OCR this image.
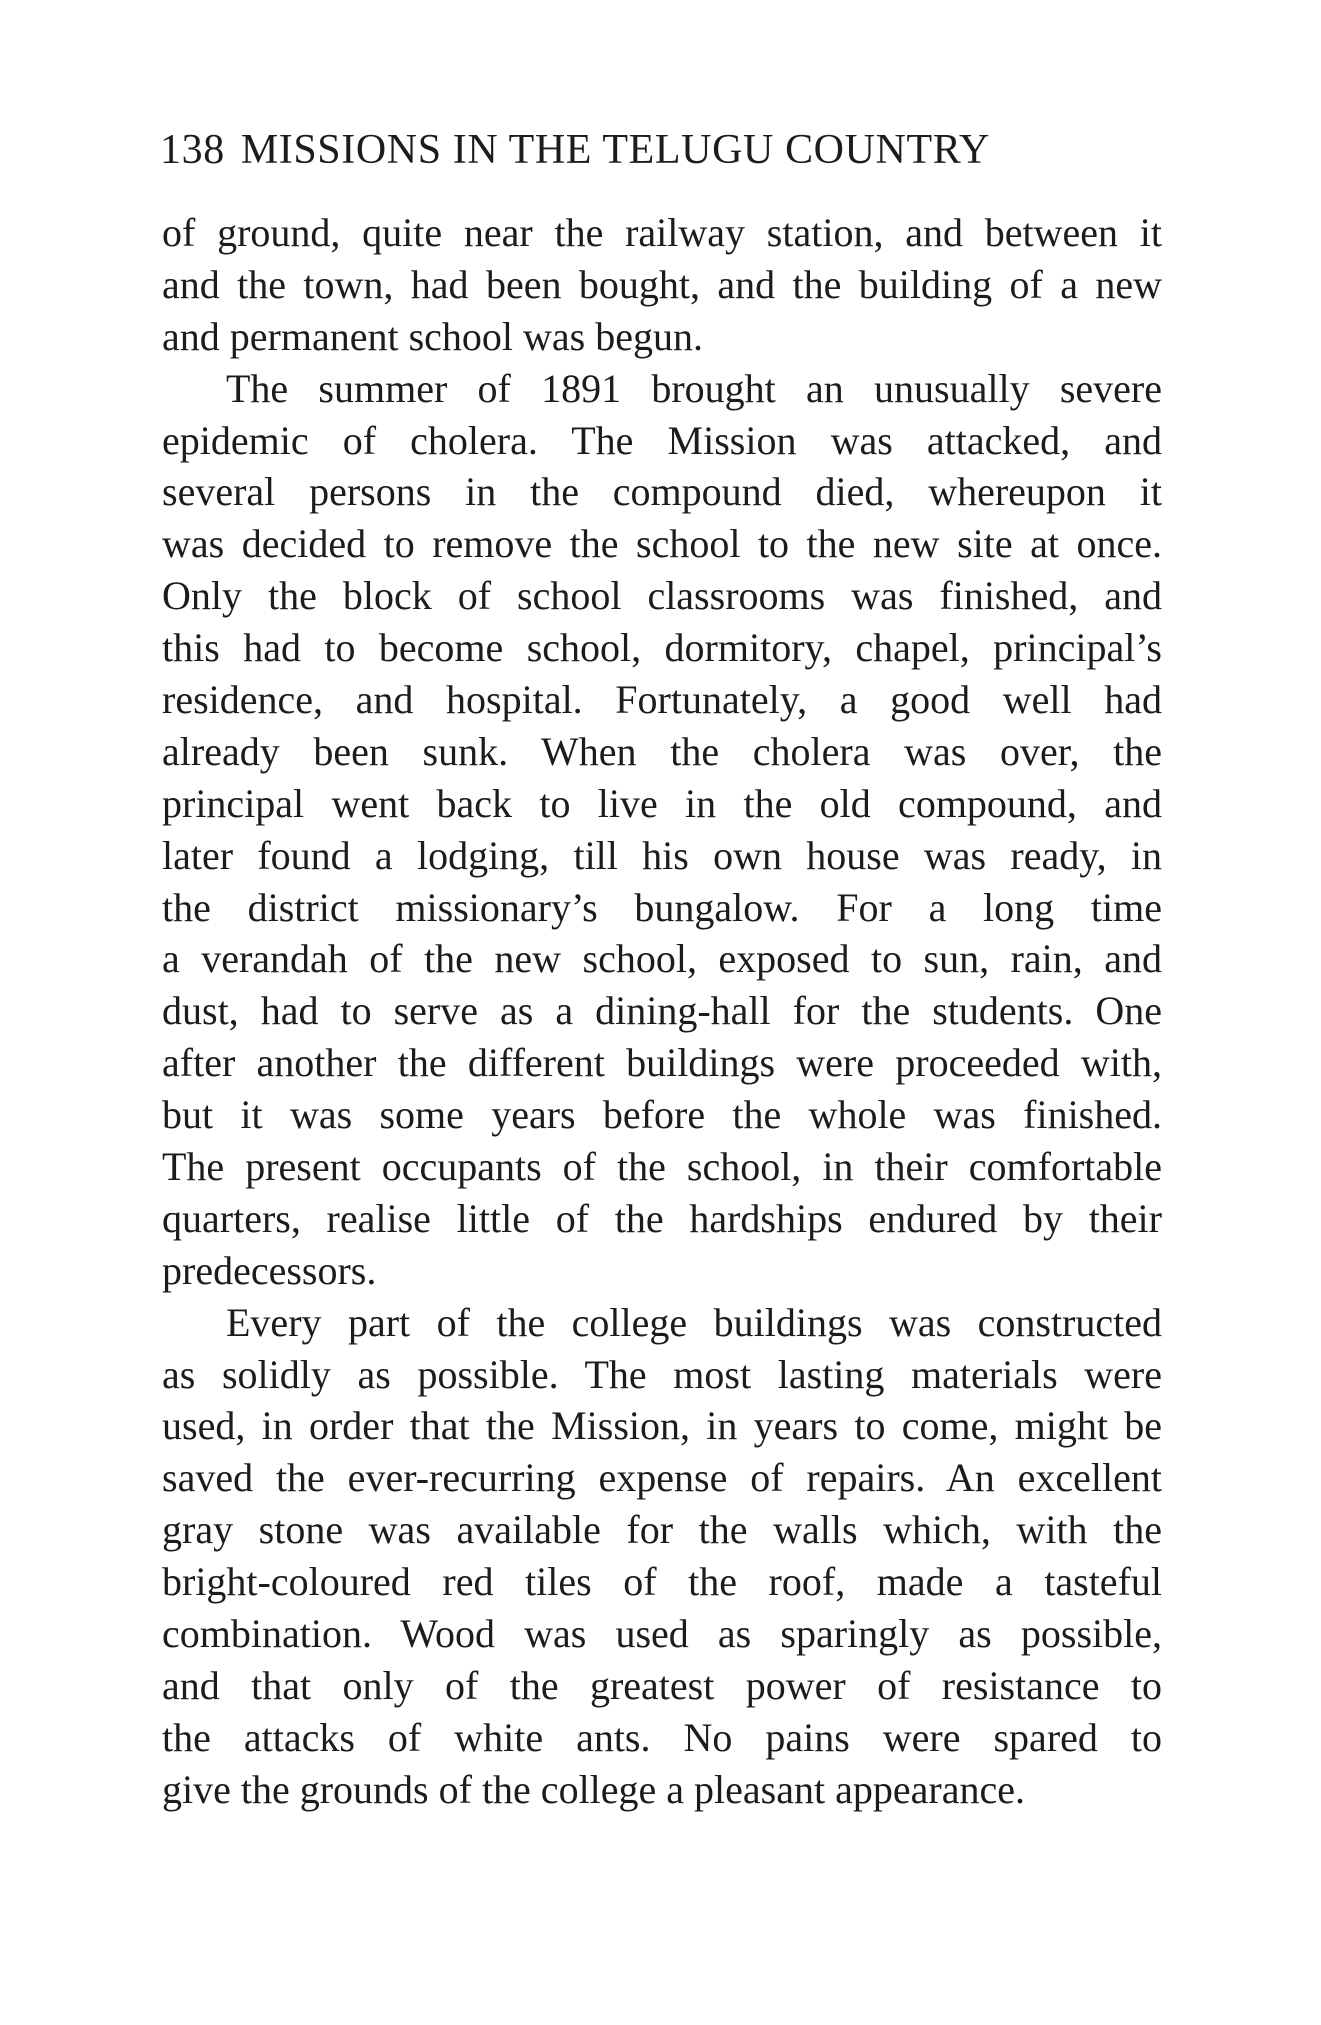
138 MISSIONS IN THE TELUGU COUNTRY
of ground, quite near the railway station, and between it
and the town, had been bought, and the building of a new
and permanent school was begun.
The summer of 1891 brought an unusually severe
epidemic of cholera. The Mission was attacked, and
several persons in the compound died, whereupon it
was decided to remove the school to the new site at once.
Only the block of school classrooms was finished, and
this had to become school, dormitory, chapel, principal’s
residence, and hospital. Fortunately, a good well had
already been sunk. When the cholera was over, the
principal went back to live in the old compound, and
later found a lodging, till his own house was ready, in
the district missionary’s bungalow. For a long time
a verandah of the new school, exposed to sun, rain, and
dust, had to serve as a dining-hall for the students. One
after another the different buildings were proceeded with,
but it was some years before the whole was finished.
The present occupants of the school, in their comfortable
quarters, realise little of the hardships endured by their
predecessors.
Every part of the college buildings was constructed
as solidly as possible. The most lasting materials were
used, in order that the Mission, in years to come, might be
saved the ever-recurring expense of repairs. An excellent
gray stone was available for the walls which, with the
bright-coloured red tiles of the roof, made a tasteful
combination. Wood was used as sparingly as possible,
and that only of the greatest power of resistance to
the attacks of white ants. No pains were spared to
give the grounds of the college a pleasant appearance.
